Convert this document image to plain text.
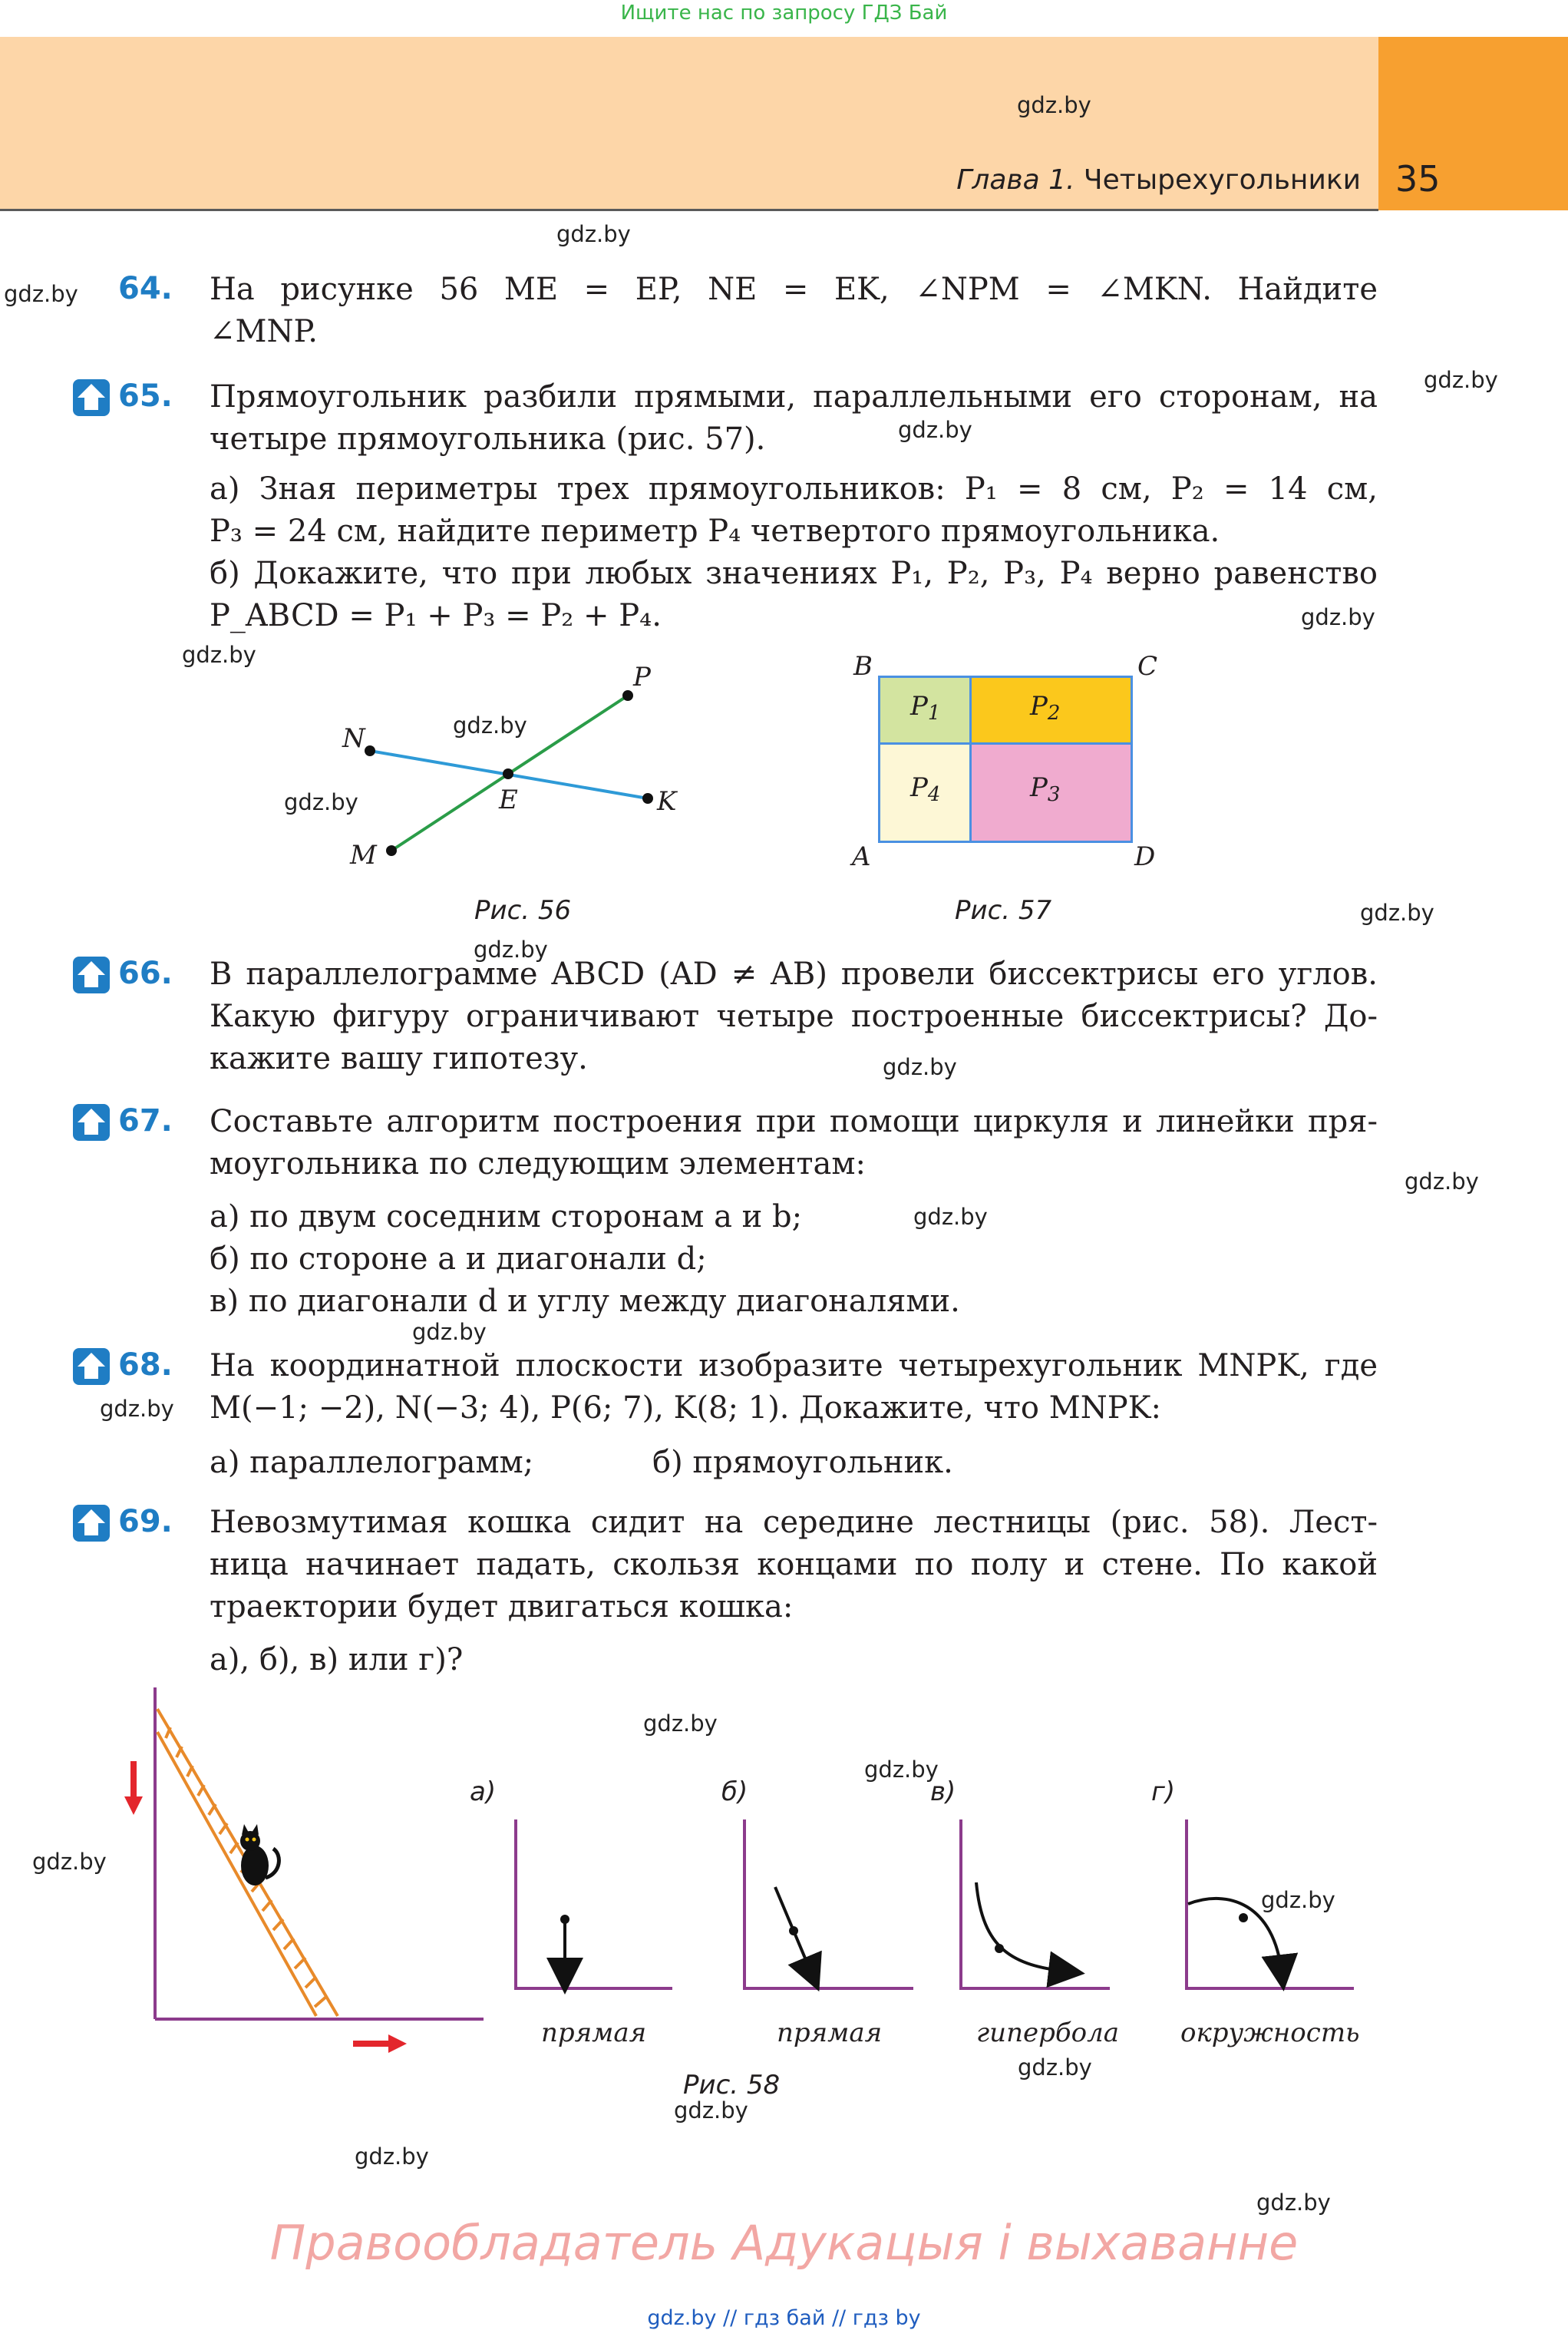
Ищите нас по запросу ГДЗ Бай
Глава 1. Четырехугольники 35
gdz.by
gdz.by
gdz.by
gdz.by
gdz.by
gdz.by
gdz.by
gdz.by
gdz.by
gdz.by
gdz.by
gdz.by
gdz.by
gdz.by
gdz.by
gdz.by
gdz.by
gdz.by
gdz.by
gdz.by
gdz.by
gdz.by
gdz.by
gdz.by
64. На рисунке 56 ME = EP, NE = EK, ∠NPM = ∠MKN. Найдите
∠MNP.
65. Прямоугольник разбили прямыми, параллельными его сторонам, на
четыре прямоугольника (рис. 57).
а) Зная периметры трех прямоугольников: P₁ = 8 см, P₂ = 14 см,
P₃ = 24 см, найдите периметр P₄ четвертого прямоугольника.
б) Докажите, что при любых значениях P₁, P₂, P₃, P₄ верно равенство
P_ABCD = P₁ + P₃ = P₂ + P₄.
P
N
E	K
M
Рис. 56
$P_1$	$P_2$
$P_4$	$P_3$
B	C
A	D
Рис. 57
66. В параллелограмме ABCD (AD ≠ AB) провели биссектрисы его углов.
Какую фигуру ограничивают четыре построенные биссектрисы? До-
кажите вашу гипотезу.
67. Составьте алгоритм построения при помощи циркуля и линейки пря-
моугольника по следующим элементам:
а) по двум соседним сторонам a и b;
б) по стороне a и диагонали d;
в) по диагонали d и углу между диагоналями.
68. На координатной плоскости изобразите четырехугольник MNPK, где
M(−1; −2), N(−3; 4), P(6; 7), K(8; 1). Докажите, что MNPK:
а) параллелограмм;	б) прямоугольник.
69. Невозмутимая кошка сидит на середине лестницы (рис. 58). Лест-
ница начинает падать, скользя концами по полу и стене. По какой
траектории будет двигаться кошка:
а), б), в) или г)?
а)	б)	в)	г)
прямая	прямая	гипербола окружность
Рис. 58
Правообладатель Адукацыя і выхаванне
gdz.by // гдз бай // гдз by
